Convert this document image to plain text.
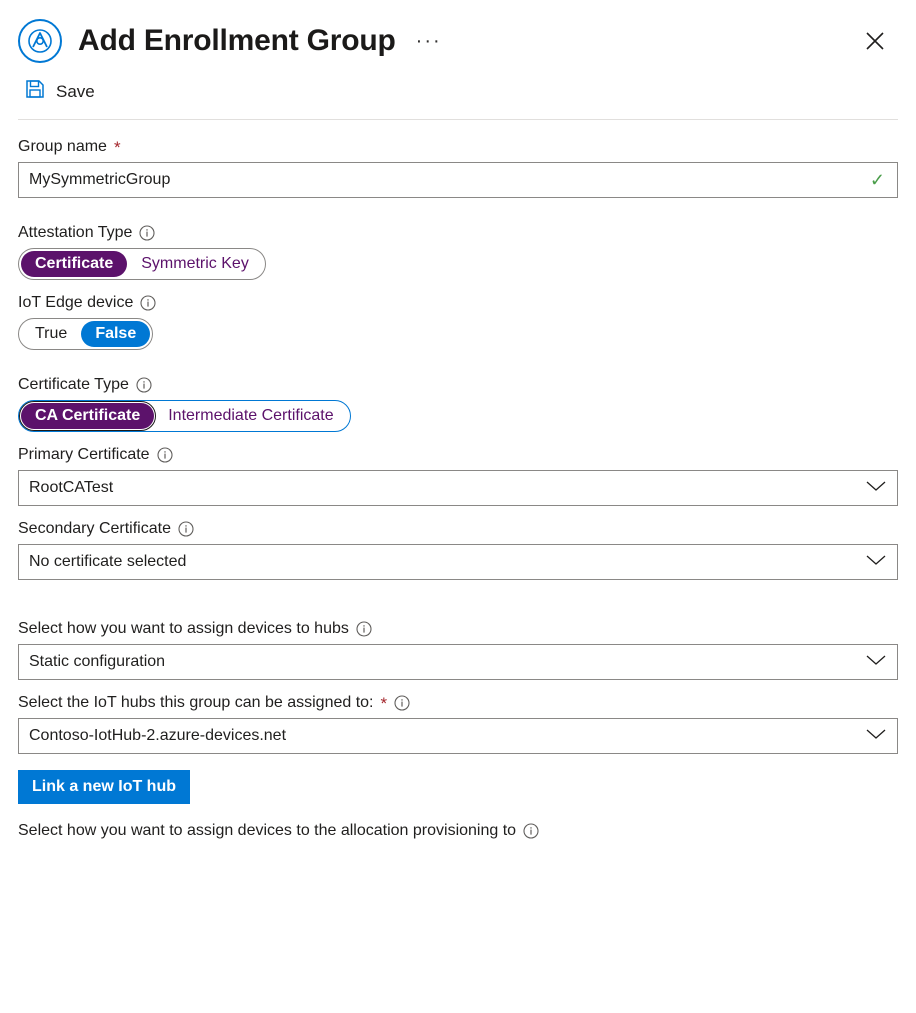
Add Enrollment Group ···
Save
Group name *
MySymmetricGroup	✓
Attestation Type
Certificate	Symmetric Key
IoT Edge device
True	False
Certificate Type
CA Certificate	Intermediate Certificate
Primary Certificate
RootCATest
Secondary Certificate
No certificate selected
Select how you want to assign devices to hubs
Static configuration
Select the IoT hubs this group can be assigned to: *
Contoso-IotHub-2.azure-devices.net
Link a new IoT hub
Select how you want to assign devices to the allocation provisioning to
